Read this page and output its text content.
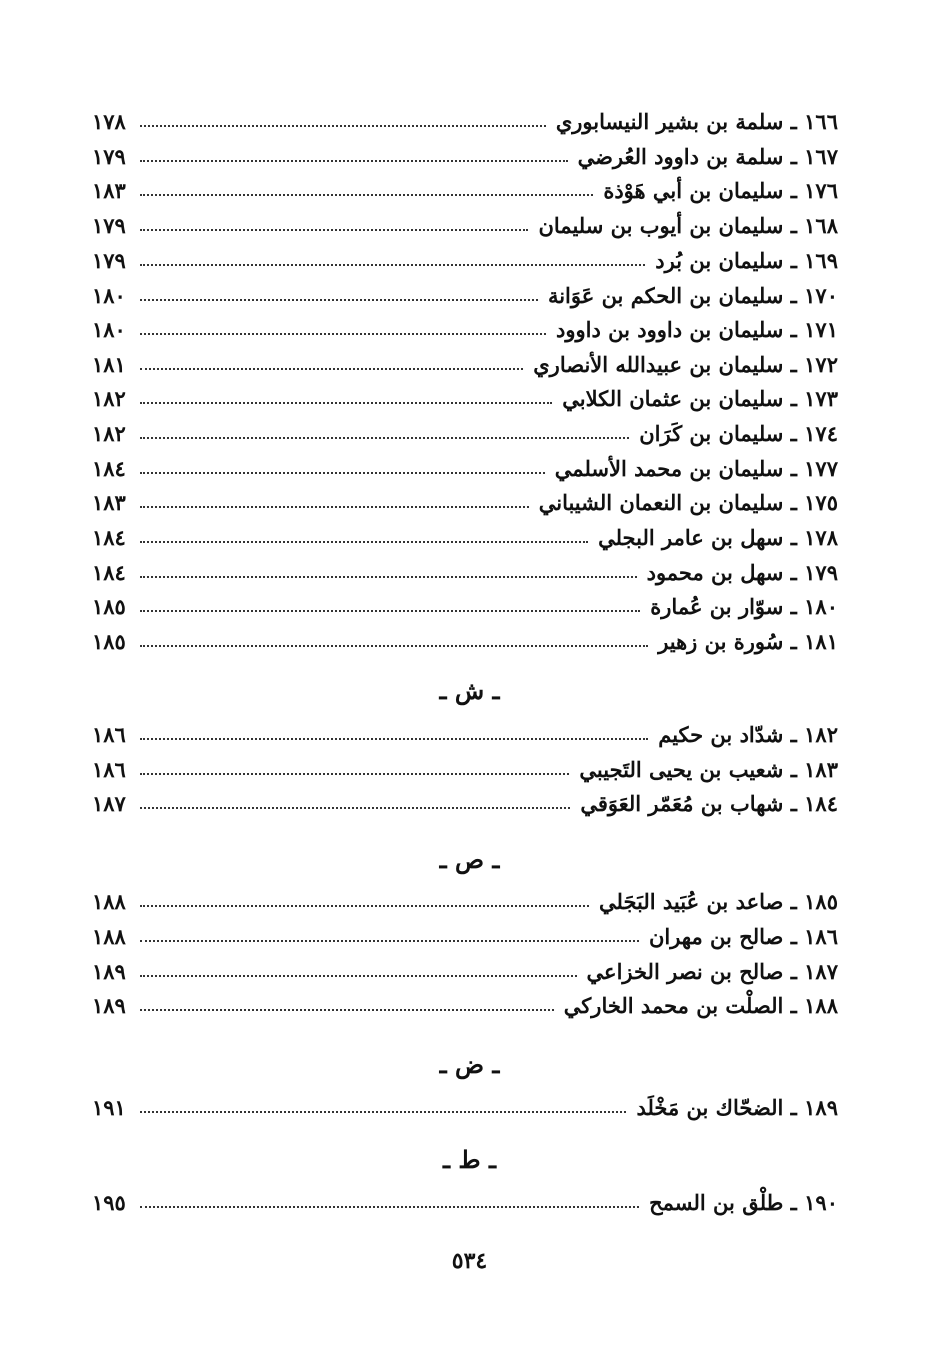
١٦٦ ـ سلمة بن بشير النيسابوري
١٧٨
١٦٧ ـ سلمة بن داوود العُرضي
١٧٩
١٧٦ ـ سليمان بن أبي هَوْذة
١٨٣
١٦٨ ـ سليمان بن أيوب بن سليمان
١٧٩
١٦٩ ـ سليمان بن بُرد
١٧٩
١٧٠ ـ سليمان بن الحكم بن عَوَانة
١٨٠
١٧١ ـ سليمان بن داوود بن داوود
١٨٠
١٧٢ ـ سليمان بن عبيدالله الأنصاري
١٨١
١٧٣ ـ سليمان بن عثمان الكلابي
١٨٢
١٧٤ ـ سليمان بن كَرَان
١٨٢
١٧٧ ـ سليمان بن محمد الأسلمي
١٨٤
١٧٥ ـ سليمان بن النعمان الشيباني
١٨٣
١٧٨ ـ سهل بن عامر البجلي
١٨٤
١٧٩ ـ سهل بن محمود
١٨٤
١٨٠ ـ سوّار بن عُمارة
١٨٥
١٨١ ـ سُورة بن زهير
١٨٥
ـ ش ـ
١٨٢ ـ شدّاد بن حكيم
١٨٦
١٨٣ ـ شعيب بن يحيى التَجيبي
١٨٦
١٨٤ ـ شهاب بن مُعَمّر العَوَقي
١٨٧
ـ ص ـ
١٨٥ ـ صاعد بن عُبَيد البَجَلي
١٨٨
١٨٦ ـ صالح بن مهران
١٨٨
١٨٧ ـ صالح بن نصر الخزاعي
١٨٩
١٨٨ ـ الصلْت بن محمد الخاركي
١٨٩
ـ ض ـ
١٨٩ ـ الضحّاك بن مَخْلَد
١٩١
ـ ط ـ
١٩٠ ـ طلْق بن السمح
١٩٥
٥٣٤
